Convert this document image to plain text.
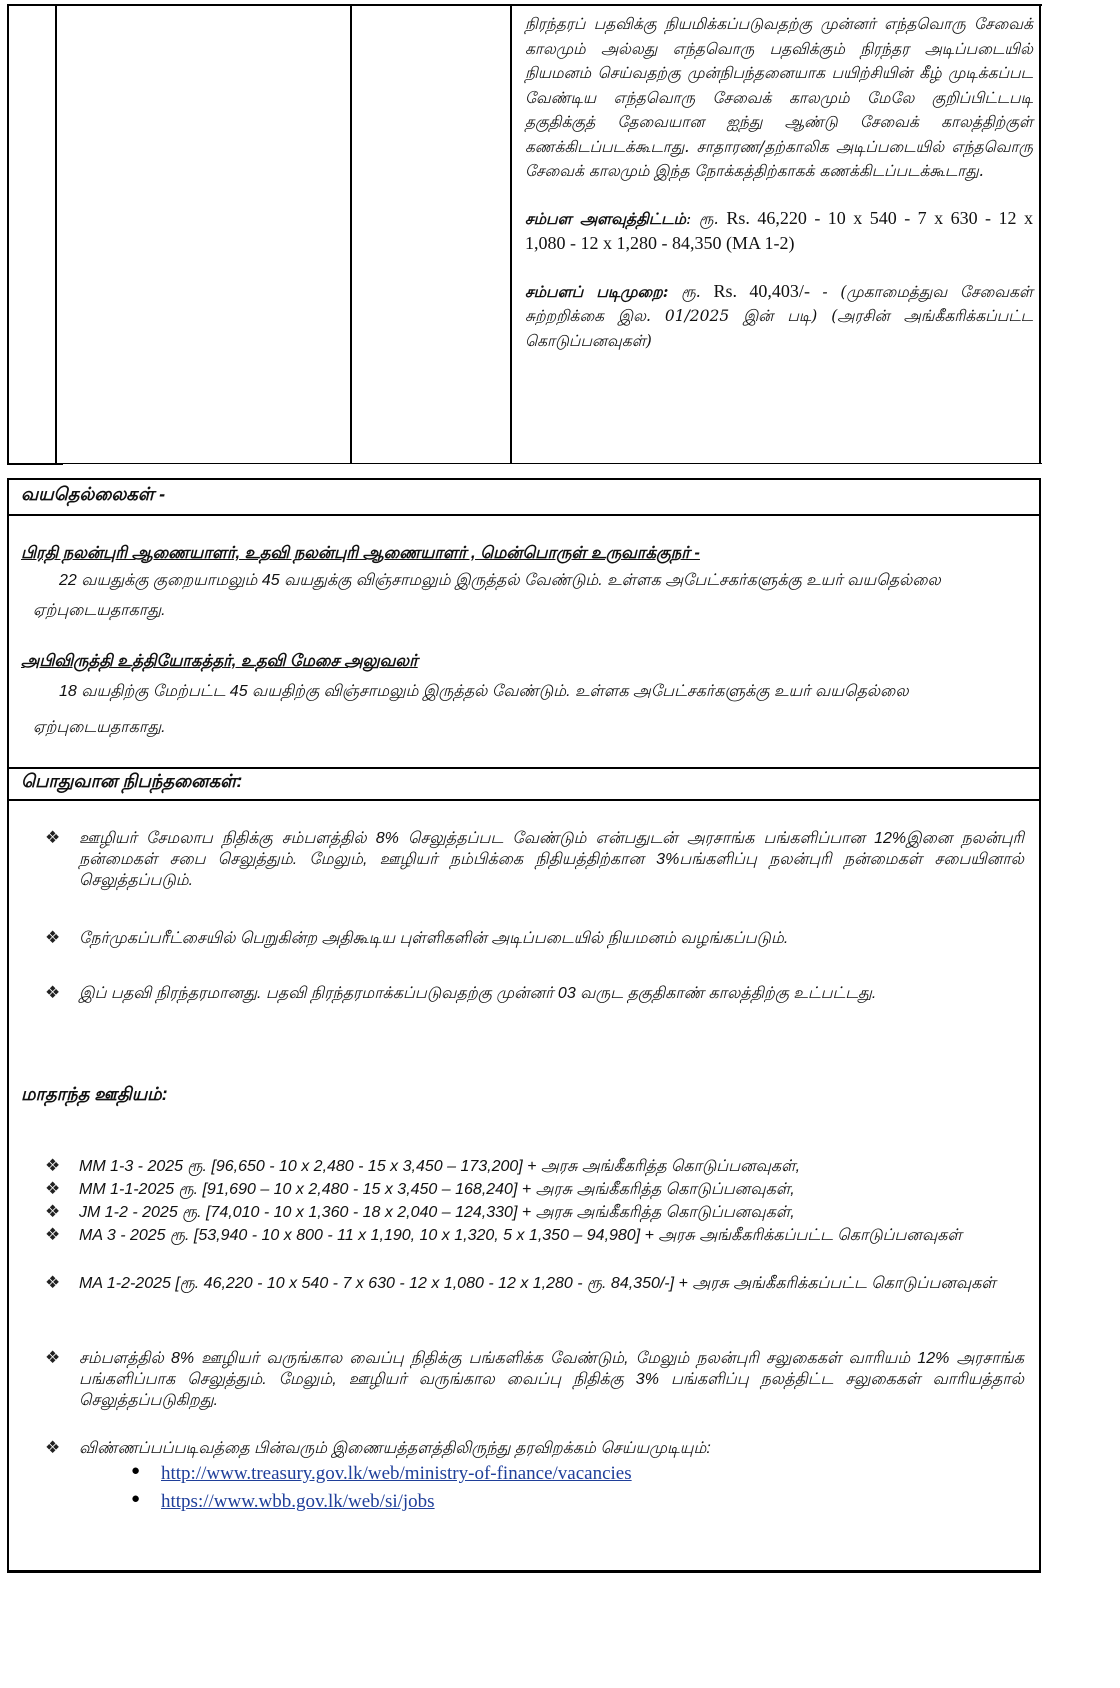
நிரந்தரப் பதவிக்கு நியமிக்கப்படுவதற்கு முன்னர் எந்தவொரு சேவைக் காலமும் அல்லது எந்தவொரு பதவிக்கும் நிரந்தர அடிப்படையில் நியமனம் செய்வதற்கு முன்நிபந்தனையாக பயிற்சியின் கீழ் முடிக்கப்பட வேண்டிய எந்தவொரு சேவைக் காலமும் மேலே குறிப்பிட்டபடி தகுதிக்குத் தேவையான ஐந்து ஆண்டு சேவைக் காலத்திற்குள் கணக்கிடப்படக்கூடாது. சாதாரண/தற்காலிக அடிப்படையில் எந்தவொரு சேவைக் காலமும் இந்த நோக்கத்திற்காகக் கணக்கிடப்படக்கூடாது.

சம்பள அளவுத்திட்டம்: ரூ. Rs. 46,220 - 10 x 540 - 7 x 630 - 12 x 1,080 - 12 x 1,280 - 84,350 (MA 1-2)

சம்பளப் படிமுறை: ரூ. Rs. 40,403/- - (முகாமைத்துவ சேவைகள் சுற்றறிக்கை இல. 01/2025 இன் படி) (அரசின் அங்கீகரிக்கப்பட்ட கொடுப்பனவுகள்)

வயதெல்லைகள் -
பிரதி நலன்புரி ஆணையாளர், உதவி நலன்புரி ஆணையாளர் , மென்பொருள் உருவாக்குநர் -
22 வயதுக்கு குறையாமலும் 45 வயதுக்கு விஞ்சாமலும் இருத்தல் வேண்டும். உள்ளக அபேட்சகர்களுக்கு உயர் வயதெல்லை ஏற்புடையதாகாது.
அபிவிருத்தி உத்தியோகத்தர், உதவி மேசை அலுவலர்
18 வயதிற்கு மேற்பட்ட 45 வயதிற்கு விஞ்சாமலும் இருத்தல் வேண்டும். உள்ளக அபேட்சகர்களுக்கு உயர் வயதெல்லை ஏற்புடையதாகாது.
பொதுவான நிபந்தனைகள்:
❖ ஊழியர் சேமலாப நிதிக்கு சம்பளத்தில் 8% செலுத்தப்பட வேண்டும் என்பதுடன் அரசாங்க பங்களிப்பான 12%இனை நலன்புரி நன்மைகள் சபை செலுத்தும். மேலும், ஊழியர் நம்பிக்கை நிதியத்திற்கான 3%பங்களிப்பு நலன்புரி நன்மைகள் சபையினால் செலுத்தப்படும்.
❖ நேர்முகப்பரீட்சையில் பெறுகின்ற அதிகூடிய புள்ளிகளின் அடிப்படையில் நியமனம் வழங்கப்படும்.
❖ இப் பதவி நிரந்தரமானது. பதவி நிரந்தரமாக்கப்படுவதற்கு முன்னர் 03 வருட தகுதிகாண் காலத்திற்கு உட்பட்டது.
மாதாந்த ஊதியம்:
❖ MM 1-3 - 2025 ரூ. [96,650 - 10 x 2,480 - 15 x 3,450 – 173,200] + அரசு அங்கீகரித்த கொடுப்பனவுகள்,
❖ MM 1-1-2025 ரூ. [91,690 – 10 x 2,480 - 15 x 3,450 – 168,240] + அரசு அங்கீகரித்த கொடுப்பனவுகள்,
❖ JM 1-2 - 2025 ரூ. [74,010 - 10 x 1,360 - 18 x 2,040 – 124,330] + அரசு அங்கீகரித்த கொடுப்பனவுகள்,
❖ MA 3 - 2025 ரூ. [53,940 - 10 x 800 - 11 x 1,190, 10 x 1,320, 5 x 1,350 – 94,980] + அரசு அங்கீகரிக்கப்பட்ட கொடுப்பனவுகள்
❖ MA 1-2-2025 [ரூ. 46,220 - 10 x 540 - 7 x 630 - 12 x 1,080 - 12 x 1,280 - ரூ. 84,350/-] + அரசு அங்கீகரிக்கப்பட்ட கொடுப்பனவுகள்
❖ சம்பளத்தில் 8% ஊழியர் வருங்கால வைப்பு நிதிக்கு பங்களிக்க வேண்டும், மேலும் நலன்புரி சலுகைகள் வாரியம் 12% அரசாங்க பங்களிப்பாக செலுத்தும். மேலும், ஊழியர் வருங்கால வைப்பு நிதிக்கு 3% பங்களிப்பு நலத்திட்ட சலுகைகள் வாரியத்தால் செலுத்தப்படுகிறது.
❖ விண்ணப்பப்படிவத்தை பின்வரும் இணையத்தளத்திலிருந்து தரவிறக்கம் செய்யமுடியும்:
● http://www.treasury.gov.lk/web/ministry-of-finance/vacancies
● https://www.wbb.gov.lk/web/si/jobs
